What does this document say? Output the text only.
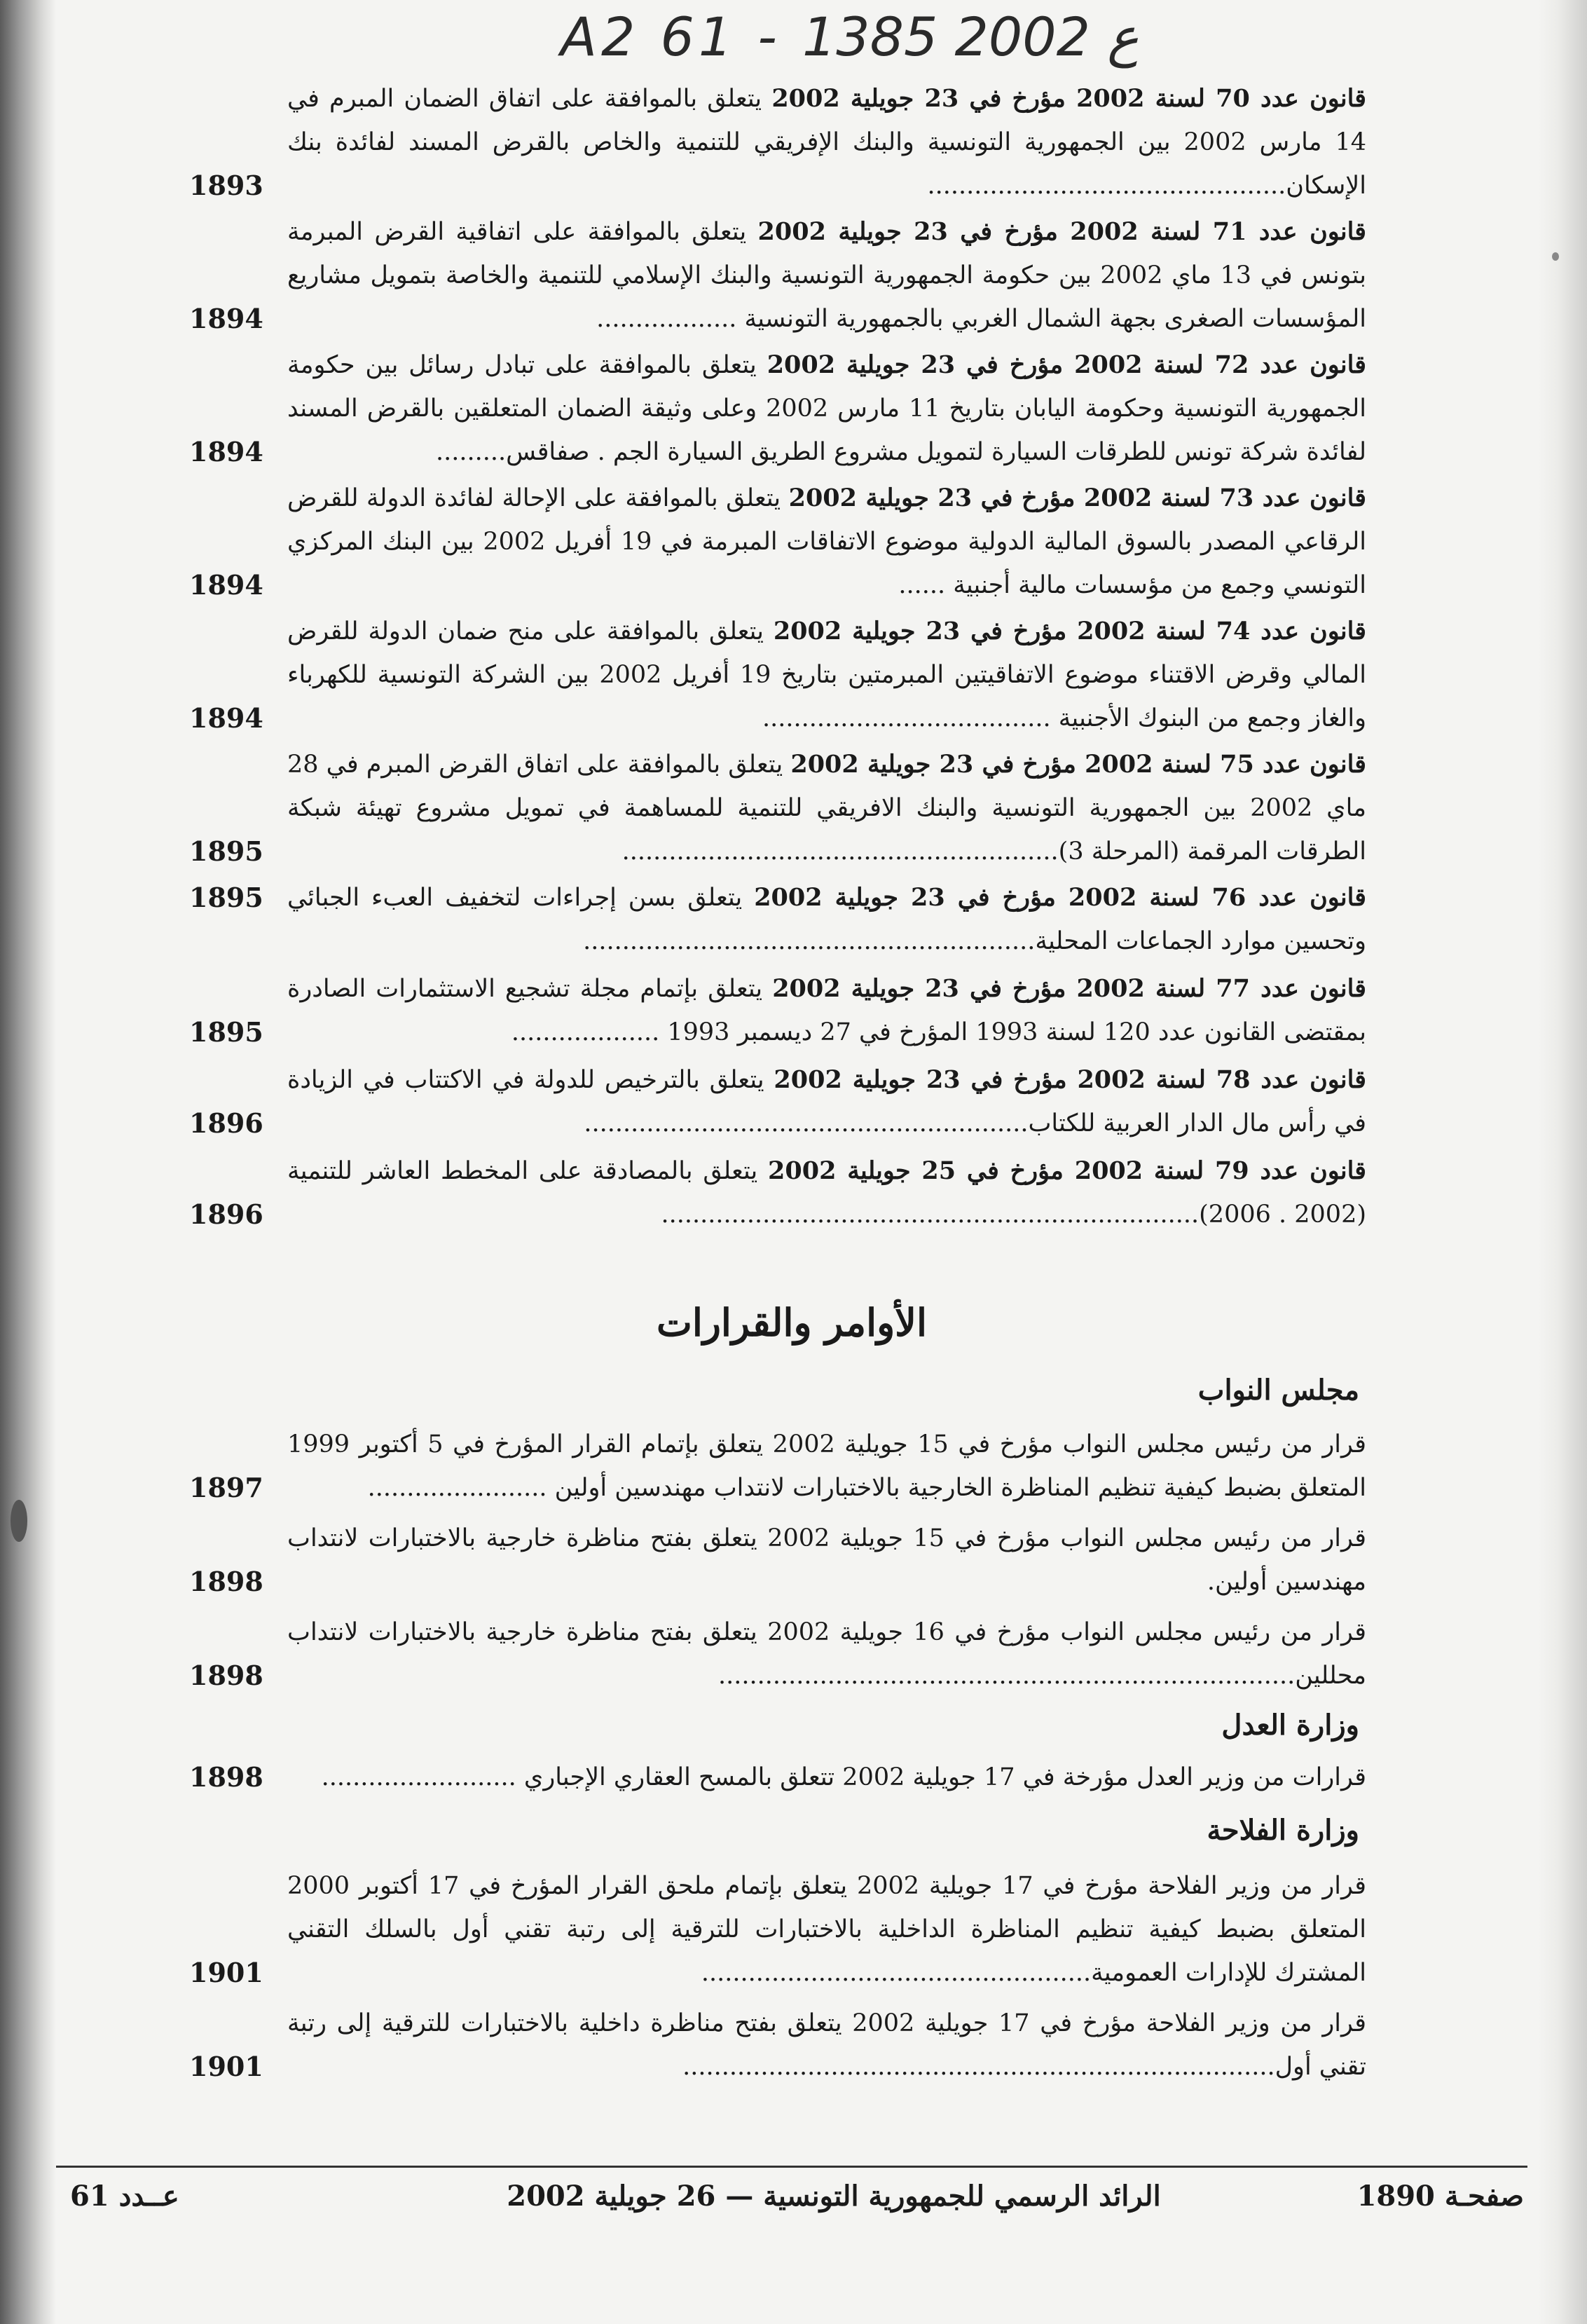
A2 61 - ع 2002 1385
قانون عدد 70 لسنة 2002 مؤرخ في 23 جويلية 2002 يتعلق بالموافقة على اتفاق الضمان المبرم في 14 مارس 2002 بين الجمهورية التونسية والبنك الإفريقي للتنمية والخاص بالقرض المسند لفائدة بنك الإسكان..............................................
1893
قانون عدد 71 لسنة 2002 مؤرخ في 23 جويلية 2002 يتعلق بالموافقة على اتفاقية القرض المبرمة بتونس في 13 ماي 2002 بين حكومة الجمهورية التونسية والبنك الإسلامي للتنمية والخاصة بتمويل مشاريع المؤسسات الصغرى بجهة الشمال الغربي بالجمهورية التونسية ..................
1894
قانون عدد 72 لسنة 2002 مؤرخ في 23 جويلية 2002 يتعلق بالموافقة على تبادل رسائل بين حكومة الجمهورية التونسية وحكومة اليابان بتاريخ 11 مارس 2002 وعلى وثيقة الضمان المتعلقين بالقرض المسند لفائدة شركة تونس للطرقات السيارة لتمويل مشروع الطريق السيارة الجم . صفاقس.........
1894
قانون عدد 73 لسنة 2002 مؤرخ في 23 جويلية 2002 يتعلق بالموافقة على الإحالة لفائدة الدولة للقرض الرقاعي المصدر بالسوق المالية الدولية موضوع الاتفاقات المبرمة في 19 أفريل 2002 بين البنك المركزي التونسي وجمع من مؤسسات مالية أجنبية ......
1894
قانون عدد 74 لسنة 2002 مؤرخ في 23 جويلية 2002 يتعلق بالموافقة على منح ضمان الدولة للقرض المالي وقرض الاقتناء موضوع الاتفاقيتين المبرمتين بتاريخ 19 أفريل 2002 بين الشركة التونسية للكهرباء والغاز وجمع من البنوك الأجنبية .....................................
1894
قانون عدد 75 لسنة 2002 مؤرخ في 23 جويلية 2002 يتعلق بالموافقة على اتفاق القرض المبرم في 28 ماي 2002 بين الجمهورية التونسية والبنك الافريقي للتنمية للمساهمة في تمويل مشروع تهيئة شبكة الطرقات المرقمة (المرحلة 3)........................................................
1895
قانون عدد 76 لسنة 2002 مؤرخ في 23 جويلية 2002 يتعلق بسن إجراءات لتخفيف العبء الجبائي وتحسين موارد الجماعات المحلية..........................................................
1895
قانون عدد 77 لسنة 2002 مؤرخ في 23 جويلية 2002 يتعلق بإتمام مجلة تشجيع الاستثمارات الصادرة بمقتضى القانون عدد 120 لسنة 1993 المؤرخ في 27 ديسمبر 1993 ...................
1895
قانون عدد 78 لسنة 2002 مؤرخ في 23 جويلية 2002 يتعلق بالترخيص للدولة في الاكتتاب في الزيادة في رأس مال الدار العربية للكتاب.........................................................
1896
قانون عدد 79 لسنة 2002 مؤرخ في 25 جويلية 2002 يتعلق بالمصادقة على المخطط العاشر للتنمية (2002 . 2006).....................................................................
1896
الأوامر والقرارات
مجلس النواب
قرار من رئيس مجلس النواب مؤرخ في 15 جويلية 2002 يتعلق بإتمام القرار المؤرخ في 5 أكتوبر 1999 المتعلق بضبط كيفية تنظيم المناظرة الخارجية بالاختبارات لانتداب مهندسين أولين .......................
1897
قرار من رئيس مجلس النواب مؤرخ في 15 جويلية 2002 يتعلق بفتح مناظرة خارجية بالاختبارات لانتداب مهندسين أولين.
1898
قرار من رئيس مجلس النواب مؤرخ في 16 جويلية 2002 يتعلق بفتح مناظرة خارجية بالاختبارات لانتداب محللين..........................................................................
1898
وزارة العدل
قرارات من وزير العدل مؤرخة في 17 جويلية 2002 تتعلق بالمسح العقاري الإجباري .........................
1898
وزارة الفلاحة
قرار من وزير الفلاحة مؤرخ في 17 جويلية 2002 يتعلق بإتمام ملحق القرار المؤرخ في 17 أكتوبر 2000 المتعلق بضبط كيفية تنظيم المناظرة الداخلية بالاختبارات للترقية إلى رتبة تقني أول بالسلك التقني المشترك للإدارات العمومية..................................................
1901
قرار من وزير الفلاحة مؤرخ في 17 جويلية 2002 يتعلق بفتح مناظرة داخلية بالاختبارات للترقية إلى رتبة تقني أول............................................................................
1901
صفحـة 1890
الرائد الرسمي للجمهورية التونسية — 26 جويلية 2002
عــدد 61
